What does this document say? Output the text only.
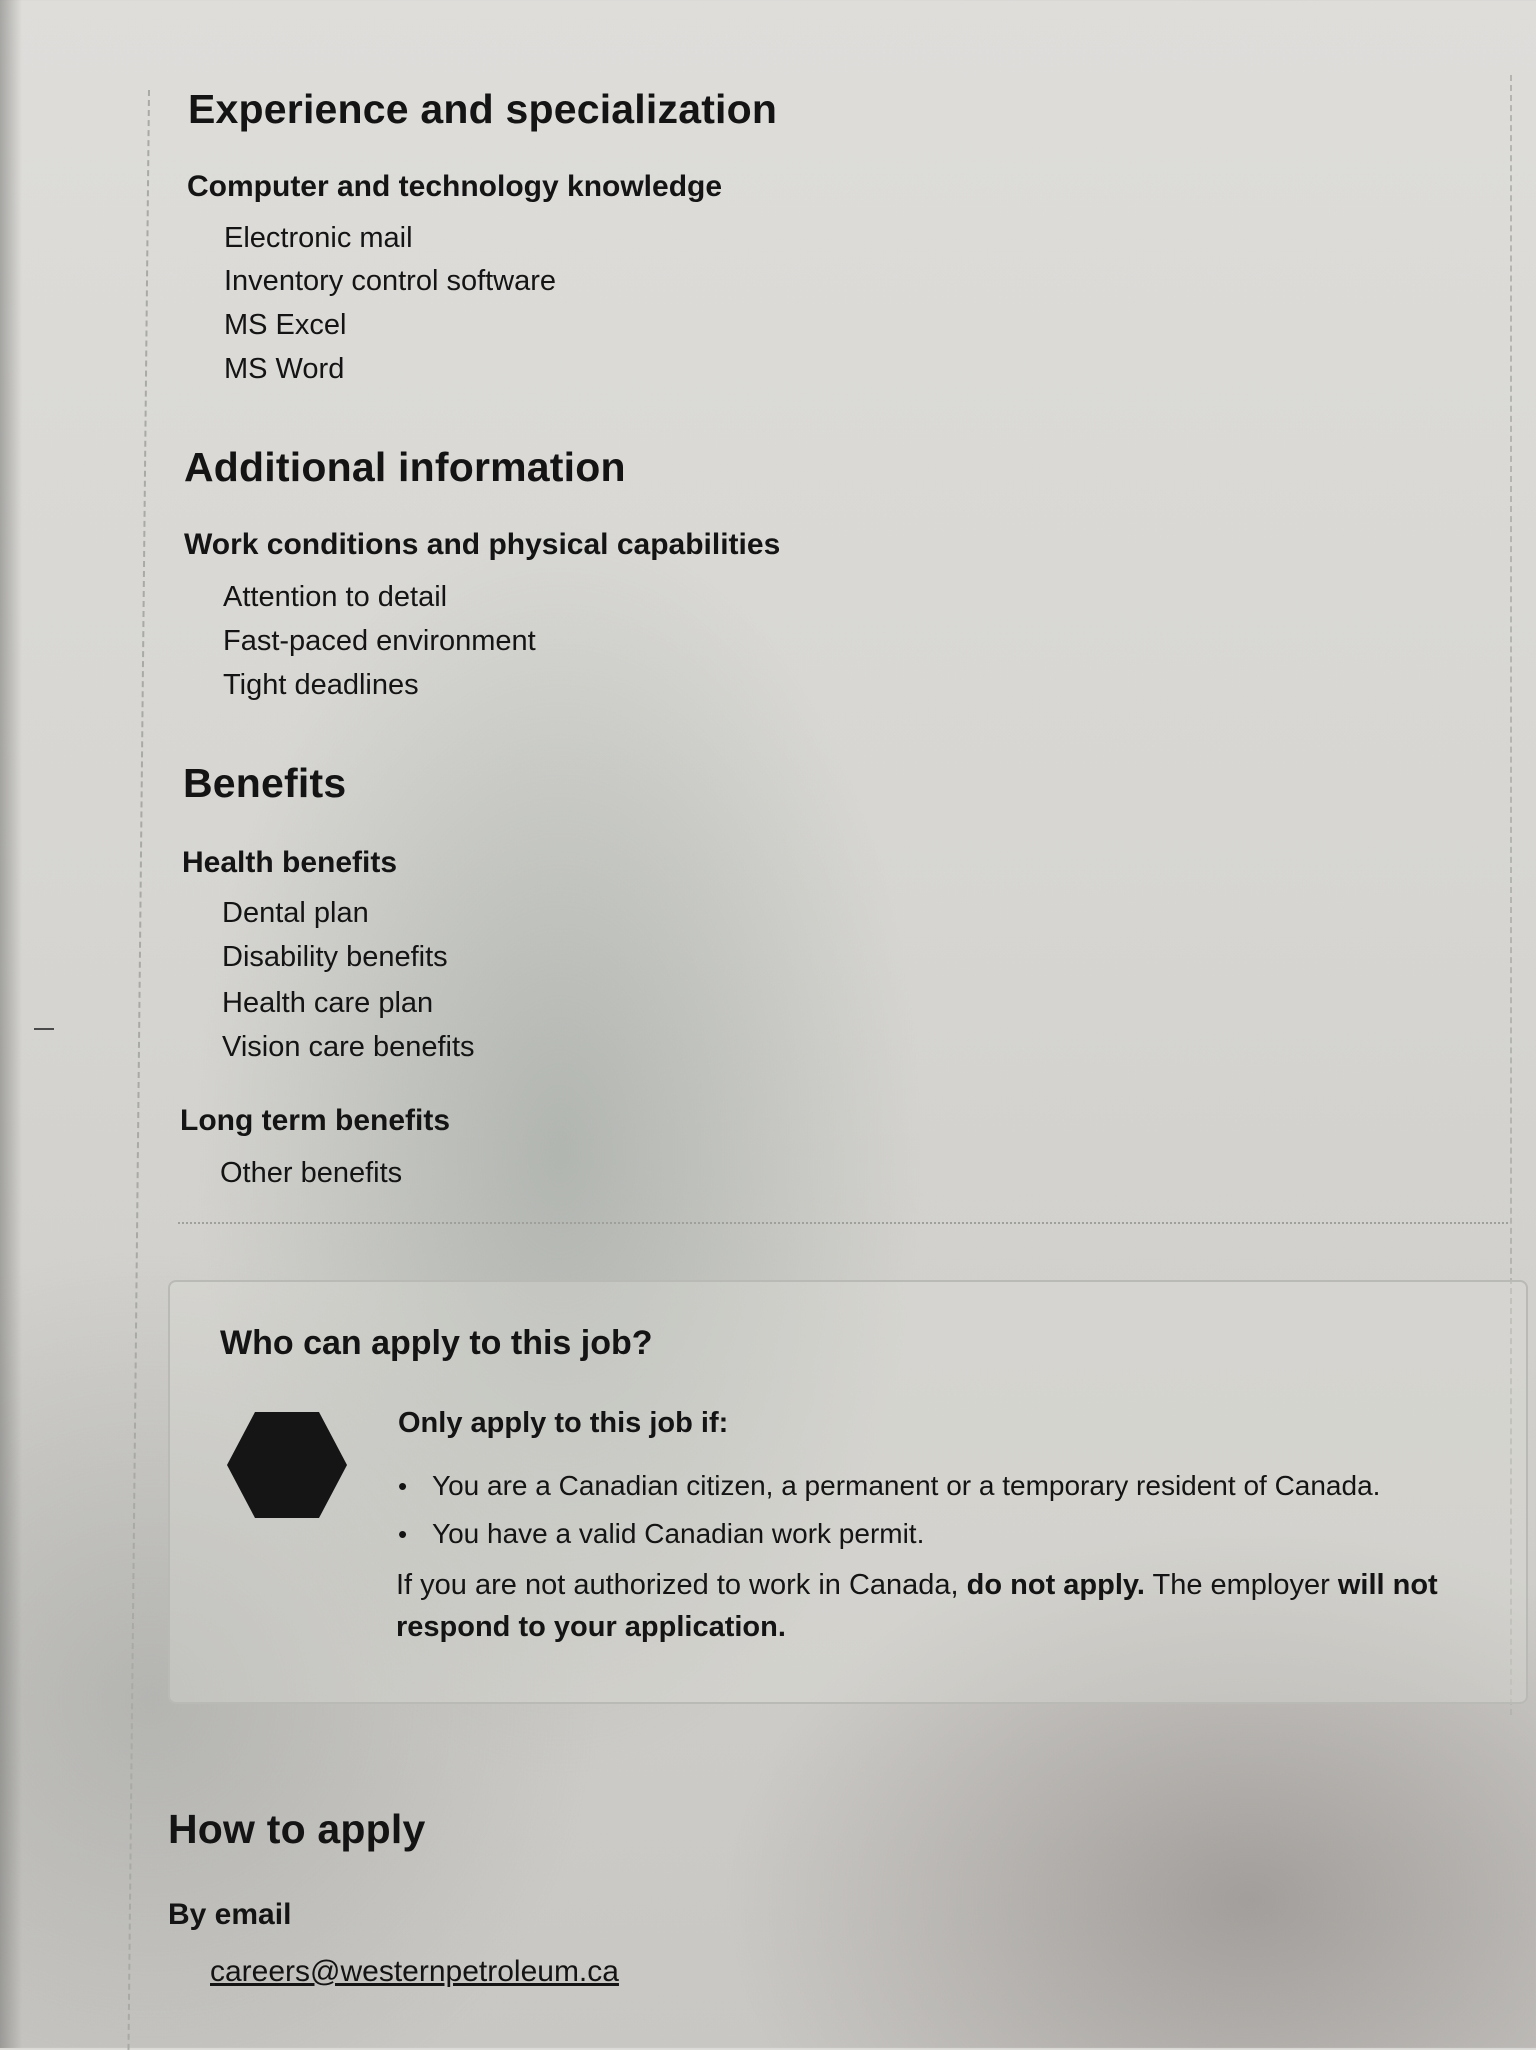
Experience and specialization
Computer and technology knowledge
Electronic mail
Inventory control software
MS Excel
MS Word
Additional information
Work conditions and physical capabilities
Attention to detail
Fast-paced environment
Tight deadlines
Benefits
Health benefits
Dental plan
Disability benefits
Health care plan
Vision care benefits
Long term benefits
Other benefits
Who can apply to this job?
Only apply to this job if:
• You are a Canadian citizen, a permanent or a temporary resident of Canada.
• You have a valid Canadian work permit.
If you are not authorized to work in Canada, do not apply. The employer will not respond to your application.
How to apply
By email
careers@westernpetroleum.ca
